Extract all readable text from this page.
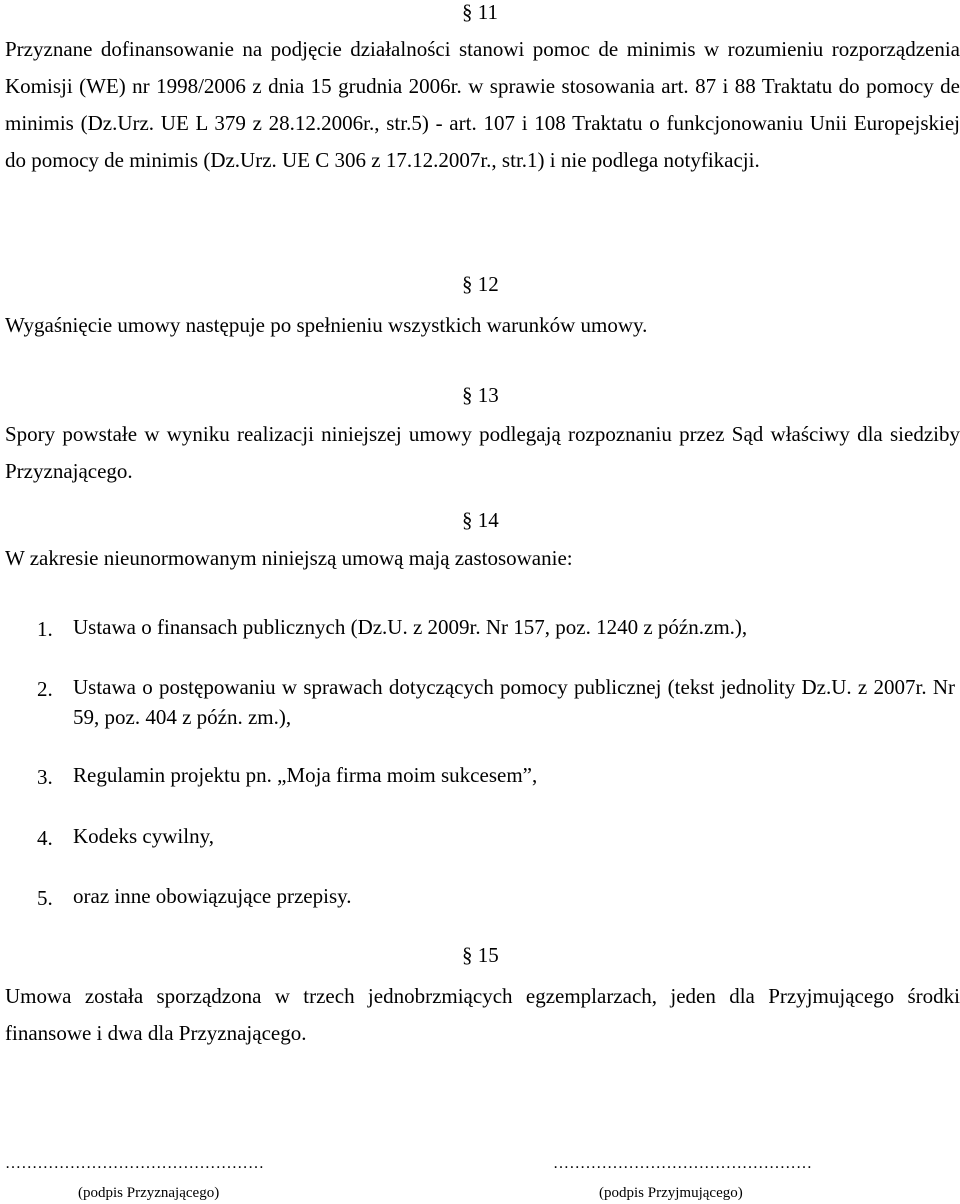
§ 11
Przyznane dofinansowanie na podjęcie działalności stanowi pomoc de minimis w rozumieniu rozporządzenia Komisji (WE) nr 1998/2006 z dnia 15 grudnia 2006r. w sprawie stosowania art. 87 i 88 Traktatu do pomocy de minimis (Dz.Urz. UE L 379 z 28.12.2006r., str.5) - art. 107 i 108 Traktatu o funkcjonowaniu Unii Europejskiej do pomocy de minimis (Dz.Urz. UE C 306 z 17.12.2007r., str.1) i nie podlega notyfikacji.
§ 12
Wygaśnięcie umowy następuje po spełnieniu wszystkich warunków umowy.
§ 13
Spory powstałe w wyniku realizacji niniejszej umowy podlegają rozpoznaniu przez Sąd właściwy dla siedziby Przyznającego.
§ 14
W zakresie nieunormowanym niniejszą umową mają zastosowanie:
1. Ustawa o finansach publicznych (Dz.U. z 2009r. Nr 157, poz. 1240 z późn.zm.),
2. Ustawa o postępowaniu w sprawach dotyczących pomocy publicznej (tekst jednolity Dz.U. z 2007r. Nr 59, poz. 404 z późn. zm.),
3. Regulamin projektu pn. „Moja firma moim sukcesem”,
4. Kodeks cywilny,
5. oraz inne obowiązujące przepisy.
§ 15
Umowa została sporządzona w trzech jednobrzmiących egzemplarzach, jeden dla Przyjmującego środki finansowe i dwa dla Przyznającego.
…………………………………………	…………………………………………
(podpis Przyznającego)	(podpis Przyjmującego)
